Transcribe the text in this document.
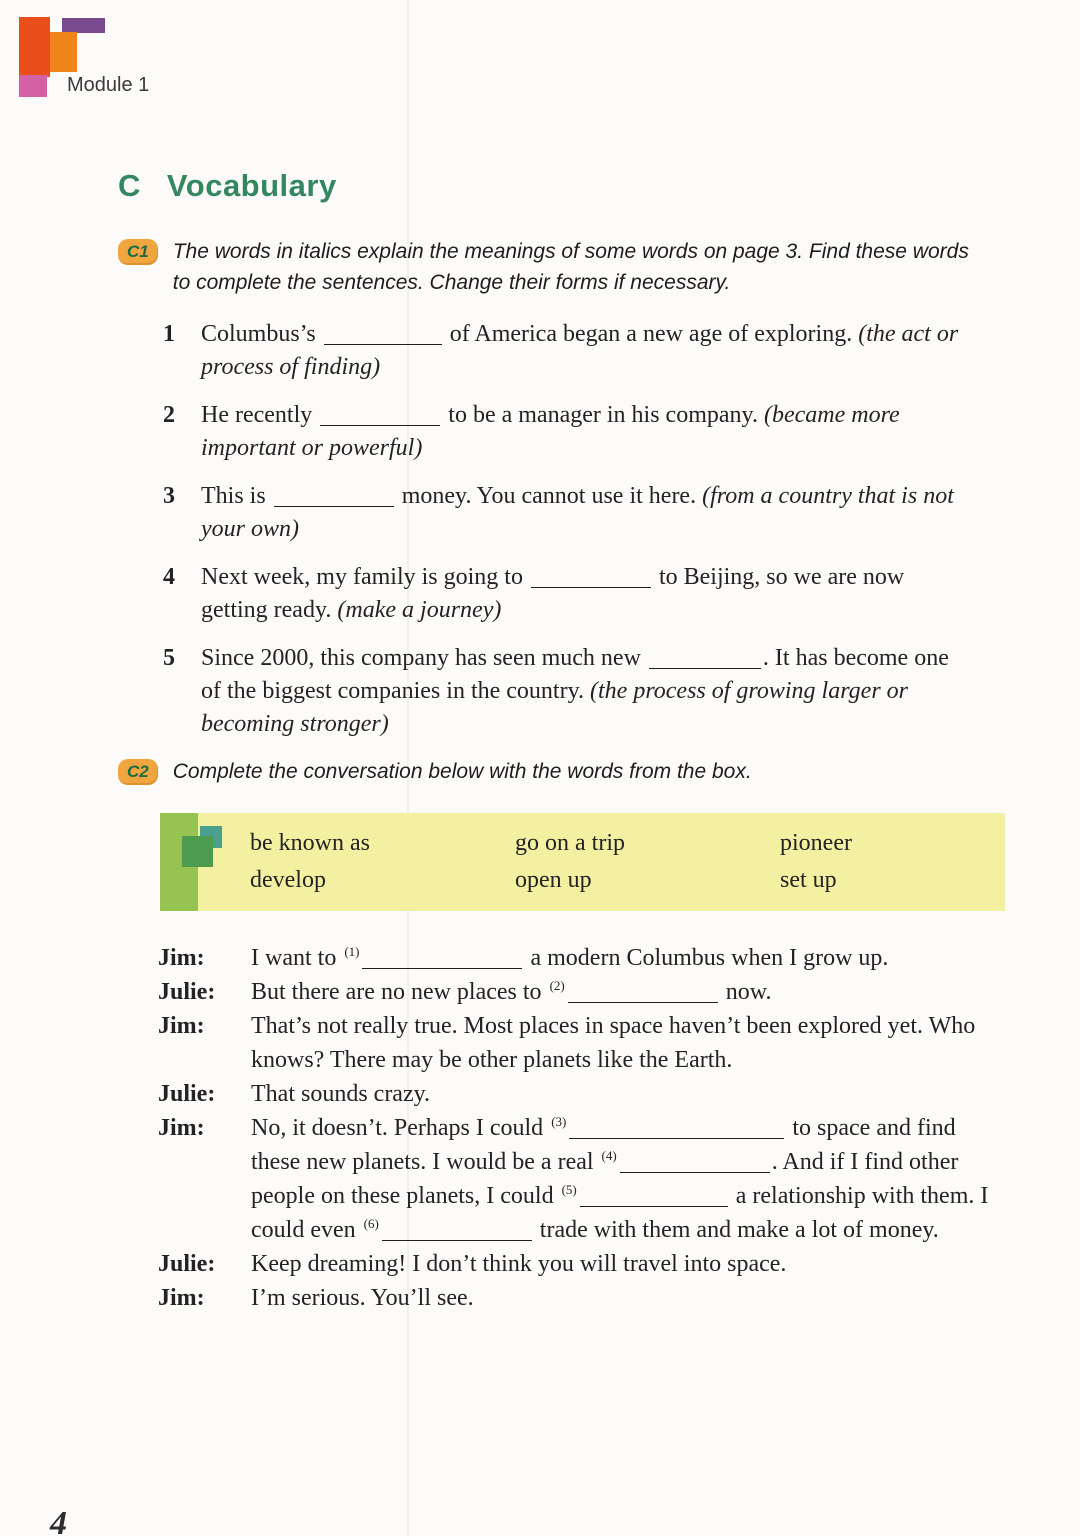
Module 1
C Vocabulary
C1	The words in italics explain the meanings of some words on page 3. Find these words to complete the sentences. Change their forms if necessary.

1	Columbus’s	of America began a new age of exploring. (the act or process of finding)

2	He recently	to be a manager in his company. (became more important or powerful)

3	This is	money. You cannot use it here. (from a country that is not your own)

4	Next week, my family is going to	to Beijing, so we are now getting ready. (make a journey)

5	Since 2000, this company has seen much new	. It has become one of the biggest companies in the country. (the process of growing larger or becoming stronger)

C2	Complete the conversation below with the words from the box.

be known as
develop
go on a trip
open up
pioneer
set up
Jim:	I want to $^{(1)}$	a modern Columbus when I grow up.

Julie:	But there are no new places to $^{(2)}$	now.

Jim:	That’s not really true. Most places in space haven’t been explored yet. Who knows? There may be other planets like the Earth.

Julie:	That sounds crazy.

Jim:	No, it doesn’t. Perhaps I could $^{(3)}$	to space and find these new planets. I would be a real $^{(4)}$	. And if I find other people on these planets, I could $^{(5)}$	a relationship with them. I could even $^{(6)}$	trade with them and make a lot of money.

Julie:	Keep dreaming! I don’t think you will travel into space.

Jim:	I’m serious. You’ll see.

4
